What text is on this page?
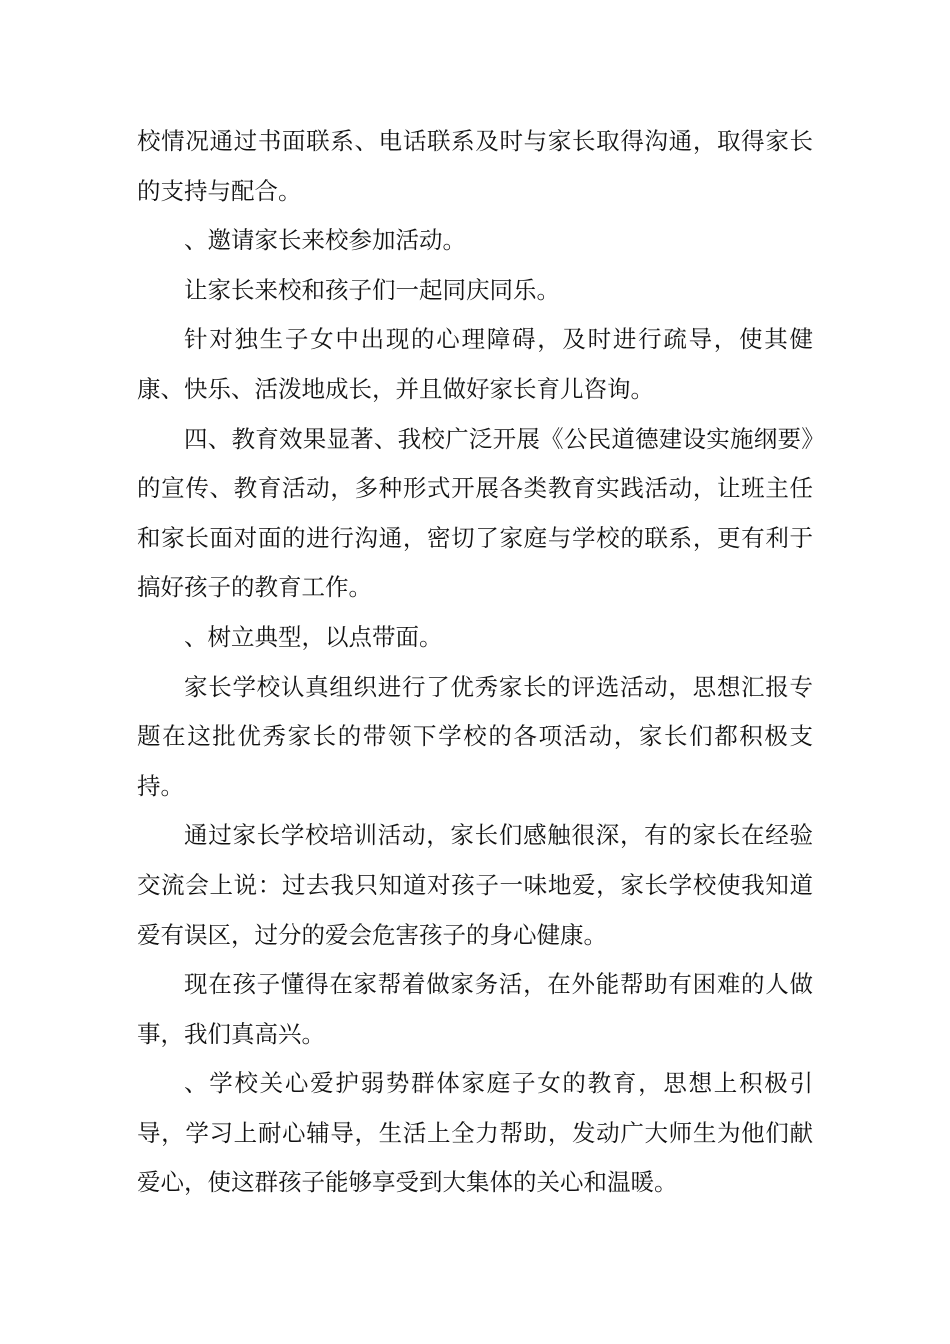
校情况通过书面联系、电话联系及时与家长取得沟通，取得家长的支持与配合。

、邀请家长来校参加活动。

让家长来校和孩子们一起同庆同乐。

针对独生子女中出现的心理障碍，及时进行疏导，使其健康、快乐、活泼地成长，并且做好家长育儿咨询。

四、教育效果显著、我校广泛开展《公民道德建设实施纲要》的宣传、教育活动，多种形式开展各类教育实践活动，让班主任和家长面对面的进行沟通，密切了家庭与学校的联系，更有利于搞好孩子的教育工作。

、树立典型，以点带面。

家长学校认真组织进行了优秀家长的评选活动，思想汇报专题在这批优秀家长的带领下学校的各项活动，家长们都积极支持。

通过家长学校培训活动，家长们感触很深，有的家长在经验交流会上说：过去我只知道对孩子一味地爱，家长学校使我知道爱有误区，过分的爱会危害孩子的身心健康。

现在孩子懂得在家帮着做家务活，在外能帮助有困难的人做事，我们真高兴。

、学校关心爱护弱势群体家庭子女的教育，思想上积极引导，学习上耐心辅导，生活上全力帮助，发动广大师生为他们献爱心，使这群孩子能够享受到大集体的关心和温暖。
